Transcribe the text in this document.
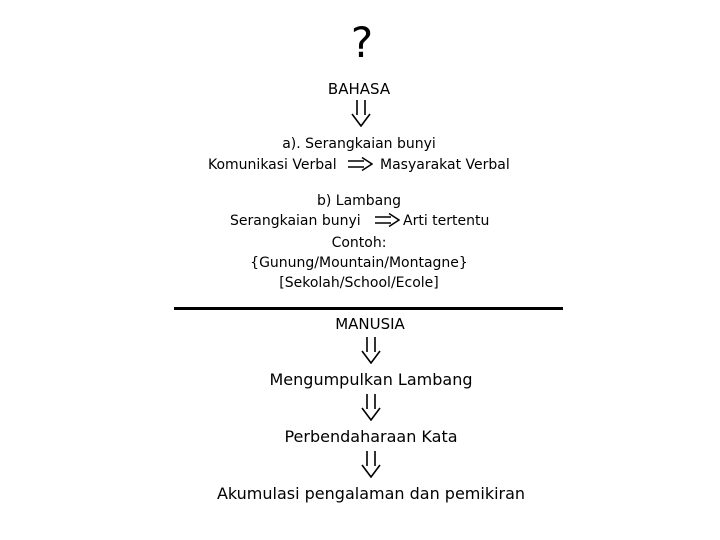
?
BAHASA
a). Serangkaian bunyi
Komunikasi Verbal	Masyarakat Verbal
b) Lambang
Serangkaian bunyi	Arti tertentu
Contoh:
{Gunung/Mountain/Montagne}
[Sekolah/School/Ecole]
MANUSIA
Mengumpulkan Lambang
Perbendaharaan Kata
Akumulasi pengalaman dan pemikiran
